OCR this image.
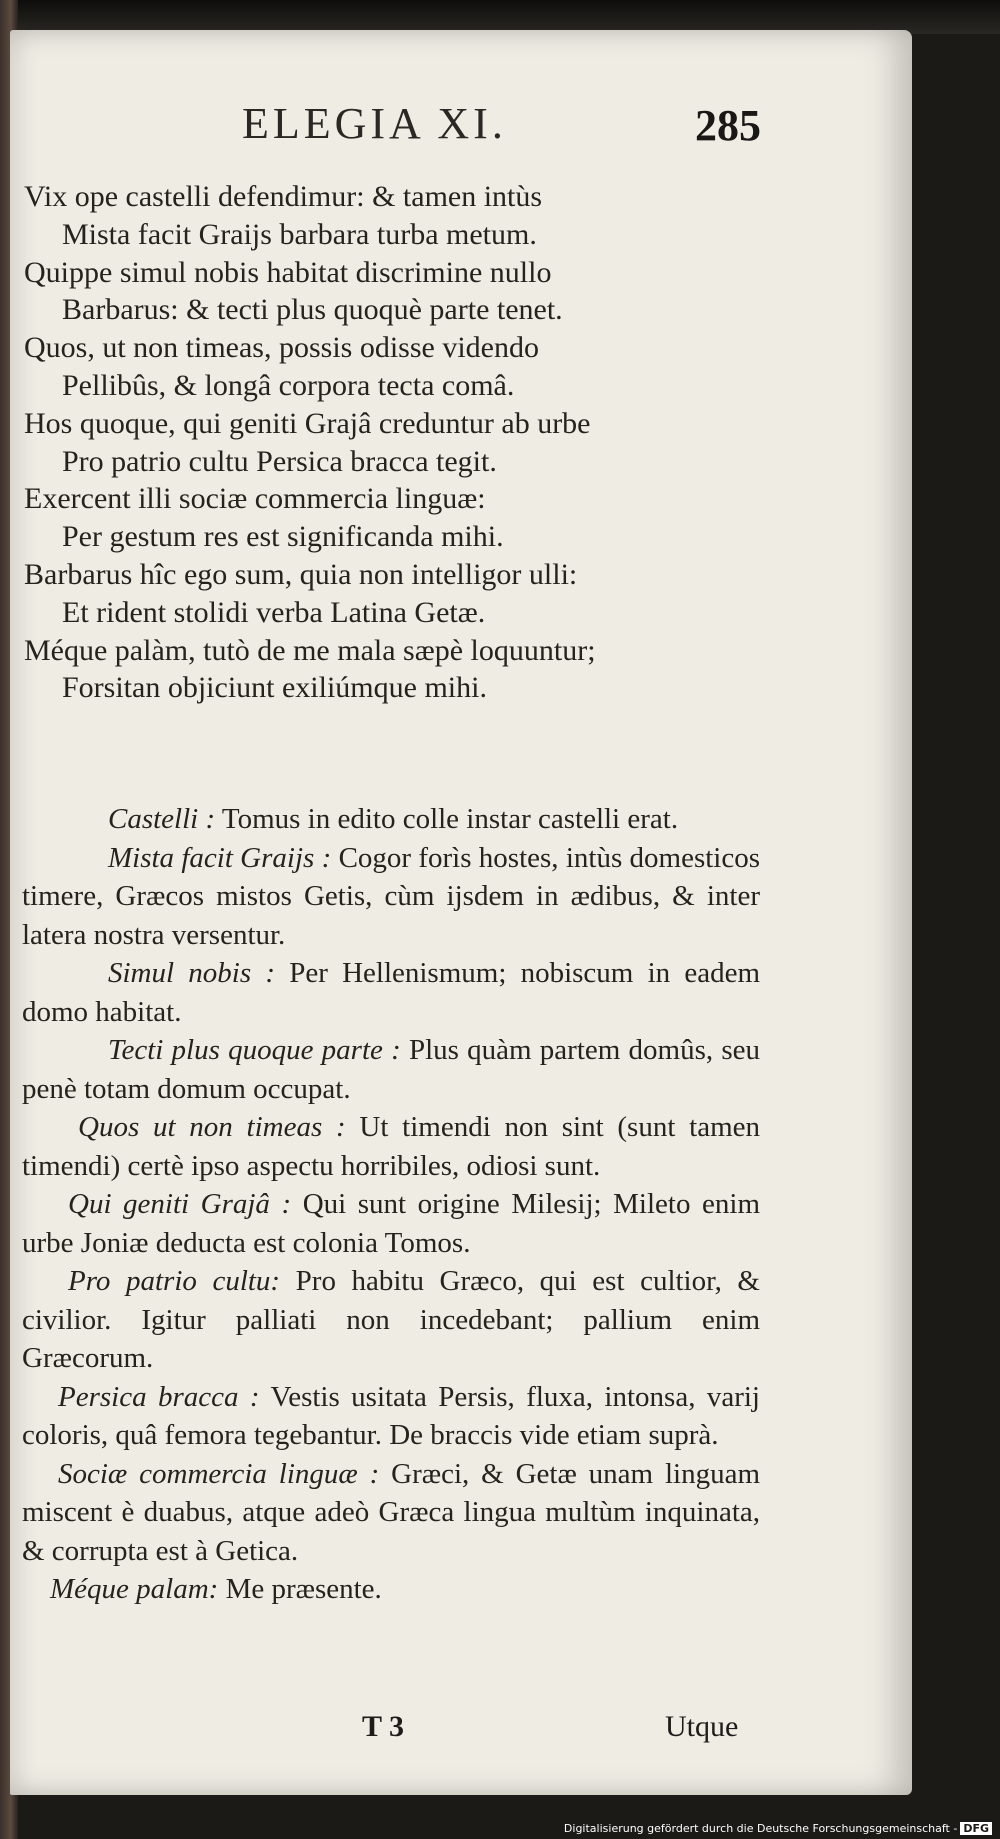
ELEGIA XI.	285
Vix ope castelli defendimur: & tamen intùs
Mista facit Graijs barbara turba metum.
Quippe simul nobis habitat discrimine nullo
Barbarus: & tecti plus quoquè parte tenet.
Quos, ut non timeas, possis odisse videndo
Pellibûs, & longâ corpora tecta comâ.
Hos quoque, qui geniti Grajâ creduntur ab urbe
Pro patrio cultu Persica bracca tegit.
Exercent illi sociæ commercia linguæ:
Per gestum res est significanda mihi.
Barbarus hîc ego sum, quia non intelligor ulli:
Et rident stolidi verba Latina Getæ.
Méque palàm, tutò de me mala sæpè loquuntur;
Forsitan objiciunt exiliúmque mihi.

Castelli : Tomus in edito colle instar castelli erat.

Mista facit Graijs : Cogor forìs hostes, intùs domesticos timere, Græcos mistos Getis, cùm ijsdem in ædibus, & inter latera nostra versentur.

Simul nobis : Per Hellenismum; nobiscum in eadem domo habitat.

Tecti plus quoque parte : Plus quàm partem domûs, seu penè totam domum occupat.

Quos ut non timeas : Ut timendi non sint (sunt tamen timendi) certè ipso aspectu horribiles, odiosi sunt.

Qui geniti Grajâ : Qui sunt origine Milesij; Mileto enim urbe Joniæ deducta est colonia Tomos.

Pro patrio cultu: Pro habitu Græco, qui est cultior, & civilior. Igitur palliati non incedebant; pallium enim Græcorum.

Persica bracca : Vestis usitata Persis, fluxa, intonsa, varij coloris, quâ femora tegebantur. De braccis vide etiam suprà.

Sociæ commercia linguæ : Græci, & Getæ unam linguam miscent è duabus, atque adeò Græca lingua multùm inquinata, & corrupta est à Getica.

Méque palam: Me præsente.

T 3	Utque
Digitalisierung gefördert durch die Deutsche Forschungsgemeinschaft - DFG
